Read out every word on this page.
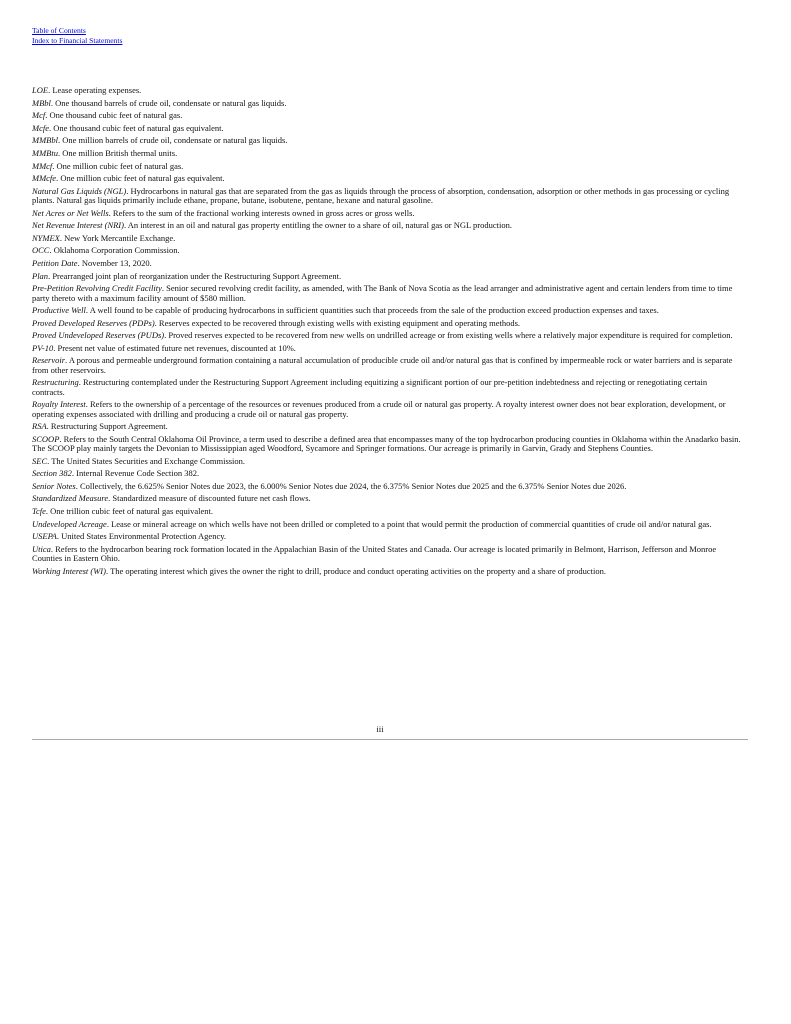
Table of Contents
Index to Financial Statements

LOE. Lease operating expenses.

MBbl. One thousand barrels of crude oil, condensate or natural gas liquids.

Mcf. One thousand cubic feet of natural gas.

Mcfe. One thousand cubic feet of natural gas equivalent.

MMBbl. One million barrels of crude oil, condensate or natural gas liquids.

MMBtu. One million British thermal units.

MMcf. One million cubic feet of natural gas.

MMcfe. One million cubic feet of natural gas equivalent.

Natural Gas Liquids (NGL). Hydrocarbons in natural gas that are separated from the gas as liquids through the process of absorption, condensation, adsorption or other methods in gas processing or cycling plants. Natural gas liquids primarily include ethane, propane, butane, isobutene, pentane, hexane and natural gasoline.

Net Acres or Net Wells. Refers to the sum of the fractional working interests owned in gross acres or gross wells.

Net Revenue Interest (NRI). An interest in an oil and natural gas property entitling the owner to a share of oil, natural gas or NGL production.

NYMEX. New York Mercantile Exchange.

OCC. Oklahoma Corporation Commission.

Petition Date. November 13, 2020.

Plan. Prearranged joint plan of reorganization under the Restructuring Support Agreement.

Pre-Petition Revolving Credit Facility. Senior secured revolving credit facility, as amended, with The Bank of Nova Scotia as the lead arranger and administrative agent and certain lenders from time to time party thereto with a maximum facility amount of $580 million.

Productive Well. A well found to be capable of producing hydrocarbons in sufficient quantities such that proceeds from the sale of the production exceed production expenses and taxes.

Proved Developed Reserves (PDPs). Reserves expected to be recovered through existing wells with existing equipment and operating methods.

Proved Undeveloped Reserves (PUDs). Proved reserves expected to be recovered from new wells on undrilled acreage or from existing wells where a relatively major expenditure is required for completion.

PV-10. Present net value of estimated future net revenues, discounted at 10%.

Reservoir. A porous and permeable underground formation containing a natural accumulation of producible crude oil and/or natural gas that is confined by impermeable rock or water barriers and is separate from other reservoirs.

Restructuring. Restructuring contemplated under the Restructuring Support Agreement including equitizing a significant portion of our pre-petition indebtedness and rejecting or renegotiating certain contracts.

Royalty Interest. Refers to the ownership of a percentage of the resources or revenues produced from a crude oil or natural gas property. A royalty interest owner does not bear exploration, development, or operating expenses associated with drilling and producing a crude oil or natural gas property.

RSA. Restructuring Support Agreement.

SCOOP. Refers to the South Central Oklahoma Oil Province, a term used to describe a defined area that encompasses many of the top hydrocarbon producing counties in Oklahoma within the Anadarko basin. The SCOOP play mainly targets the Devonian to Mississippian aged Woodford, Sycamore and Springer formations. Our acreage is primarily in Garvin, Grady and Stephens Counties.

SEC. The United States Securities and Exchange Commission.

Section 382. Internal Revenue Code Section 382.

Senior Notes. Collectively, the 6.625% Senior Notes due 2023, the 6.000% Senior Notes due 2024, the 6.375% Senior Notes due 2025 and the 6.375% Senior Notes due 2026.

Standardized Measure. Standardized measure of discounted future net cash flows.

Tcfe. One trillion cubic feet of natural gas equivalent.

Undeveloped Acreage. Lease or mineral acreage on which wells have not been drilled or completed to a point that would permit the production of commercial quantities of crude oil and/or natural gas.

USEPA. United States Environmental Protection Agency.

Utica. Refers to the hydrocarbon bearing rock formation located in the Appalachian Basin of the United States and Canada. Our acreage is located primarily in Belmont, Harrison, Jefferson and Monroe Counties in Eastern Ohio.

Working Interest (WI). The operating interest which gives the owner the right to drill, produce and conduct operating activities on the property and a share of production.

iii
